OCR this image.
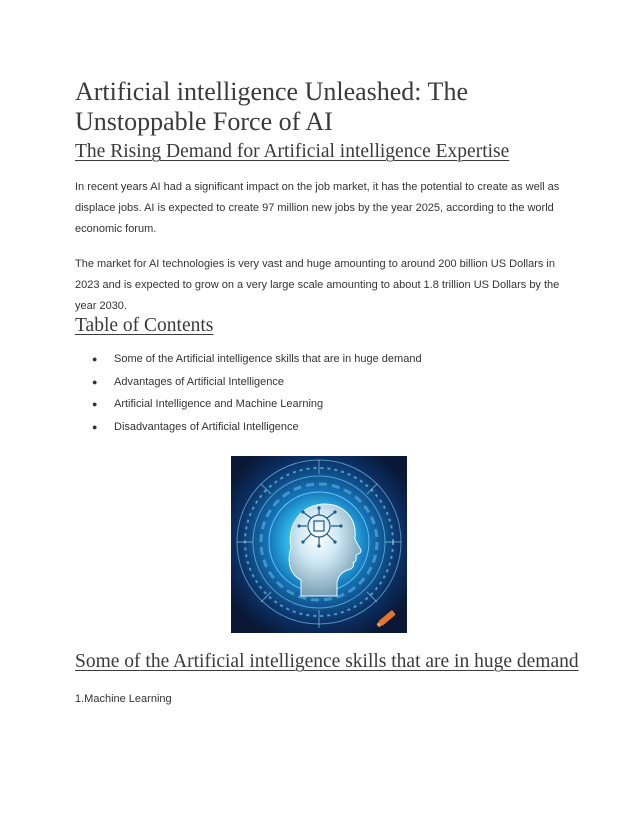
Artificial intelligence Unleashed: The Unstoppable Force of AI
The Rising Demand for Artificial intelligence Expertise

In recent years AI had a significant impact on the job market, it has the potential to create as well as displace jobs. AI is expected to create 97 million new jobs by the year 2025, according to the world economic forum.

The market for AI technologies is very vast and huge amounting to around 200 billion US Dollars in 2023 and is expected to grow on a very large scale amounting to about 1.8 trillion US Dollars by the year 2030.

Table of Contents
● Some of the Artificial intelligence skills that are in huge demand
● Advantages of Artificial Intelligence
● Artificial Intelligence and Machine Learning
● Disadvantages of Artificial Intelligence
Some of the Artificial intelligence skills that are in huge demand

1.Machine Learning
